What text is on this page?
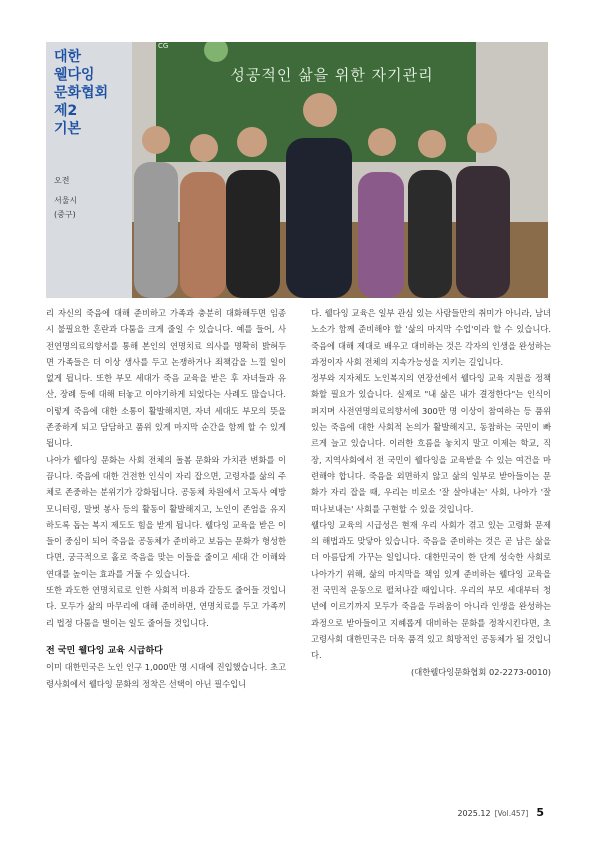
대한
웰다잉
문화협회
제2
기본
오전
서울시
(중구)
성공적인 삶을 위한 자기관리
CG

리 자신의 죽음에 대해 준비하고 가족과 충분히 대화해두면 임종 시 불필요한 혼란과 다툼을 크게 줄일 수 있습니다. 예를 들어, 사전연명의료의향서를 통해 본인의 연명치료 의사를 명확히 밝혀두면 가족들은 더 이상 생사를 두고 논쟁하거나 죄책감을 느낄 일이 없게 됩니다. 또한 부모 세대가 죽음 교육을 받은 후 자녀들과 유산, 장례 등에 대해 터놓고 이야기하게 되었다는 사례도 많습니다. 이렇게 죽음에 대한 소통이 활발해지면, 자녀 세대도 부모의 뜻을 존중하게 되고 담담하고 품위 있게 마지막 순간을 함께 할 수 있게 됩니다.

나아가 웰다잉 문화는 사회 전체의 돌봄 문화와 가치관 변화를 이끕니다. 죽음에 대한 건전한 인식이 자리 잡으면, 고령자를 삶의 주체로 존중하는 분위기가 강화됩니다. 공동체 차원에서 고독사 예방 모니터링, 말벗 봉사 등의 활동이 활발해지고, 노인이 존엄을 유지하도록 돕는 복지 제도도 힘을 받게 됩니다. 웰다잉 교육을 받은 이들이 중심이 되어 죽음을 공동체가 준비하고 보듬는 문화가 형성한다면, 궁극적으로 홀로 죽음을 맞는 이들을 줄이고 세대 간 이해와 연대를 높이는 효과를 거둘 수 있습니다.

또한 과도한 연명치료로 인한 사회적 비용과 갈등도 줄어들 것입니다. 모두가 삶의 마무리에 대해 준비하면, 연명치료를 두고 가족끼리 법정 다툼을 벌이는 일도 줄어들 것입니다.

전 국민 웰다잉 교육 시급하다

이미 대한민국은 노인 인구 1,000만 명 시대에 진입했습니다. 초고령사회에서 웰다잉 문화의 정착은 선택이 아닌 필수입니

다. 웰다잉 교육은 일부 관심 있는 사람들만의 취미가 아니라, 남녀노소가 함께 준비해야 할 '삶의 마지막 수업'이라 할 수 있습니다. 죽음에 대해 제대로 배우고 대비하는 것은 각자의 인생을 완성하는 과정이자 사회 전체의 지속가능성을 지키는 길입니다.

정부와 지자체도 노인복지의 연장선에서 웰다잉 교육 지원을 정책화할 필요가 있습니다. 실제로 "내 삶은 내가 결정한다"는 인식이 퍼지며 사전연명의료의향서에 300만 명 이상이 참여하는 등 품위 있는 죽음에 대한 사회적 논의가 활발해지고, 동참하는 국민이 빠르게 늘고 있습니다. 이러한 흐름을 놓치지 말고 이제는 학교, 직장, 지역사회에서 전 국민이 웰다잉을 교육받을 수 있는 여건을 마련해야 합니다. 죽음을 외면하지 않고 삶의 일부로 받아들이는 문화가 자리 잡을 때, 우리는 비로소 '잘 살아내는' 사회, 나아가 '잘 떠나보내는' 사회를 구현할 수 있을 것입니다.

웰다잉 교육의 시급성은 현재 우리 사회가 겪고 있는 고령화 문제의 해법과도 맞닿아 있습니다. 죽음을 준비하는 것은 곧 남은 삶을 더 아름답게 가꾸는 일입니다. 대한민국이 한 단계 성숙한 사회로 나아가기 위해, 삶의 마지막을 책임 있게 준비하는 웰다잉 교육을 전 국민적 운동으로 펼쳐나갈 때입니다. 우리의 부모 세대부터 청년에 이르기까지 모두가 죽음을 두려움이 아니라 인생을 완성하는 과정으로 받아들이고 지혜롭게 대비하는 문화를 정착시킨다면, 초고령사회 대한민국은 더욱 품격 있고 희망적인 공동체가 될 것입니다.

(대한웰다잉문화협회 02-2273-0010)

2025.12 [Vol.457] 5
